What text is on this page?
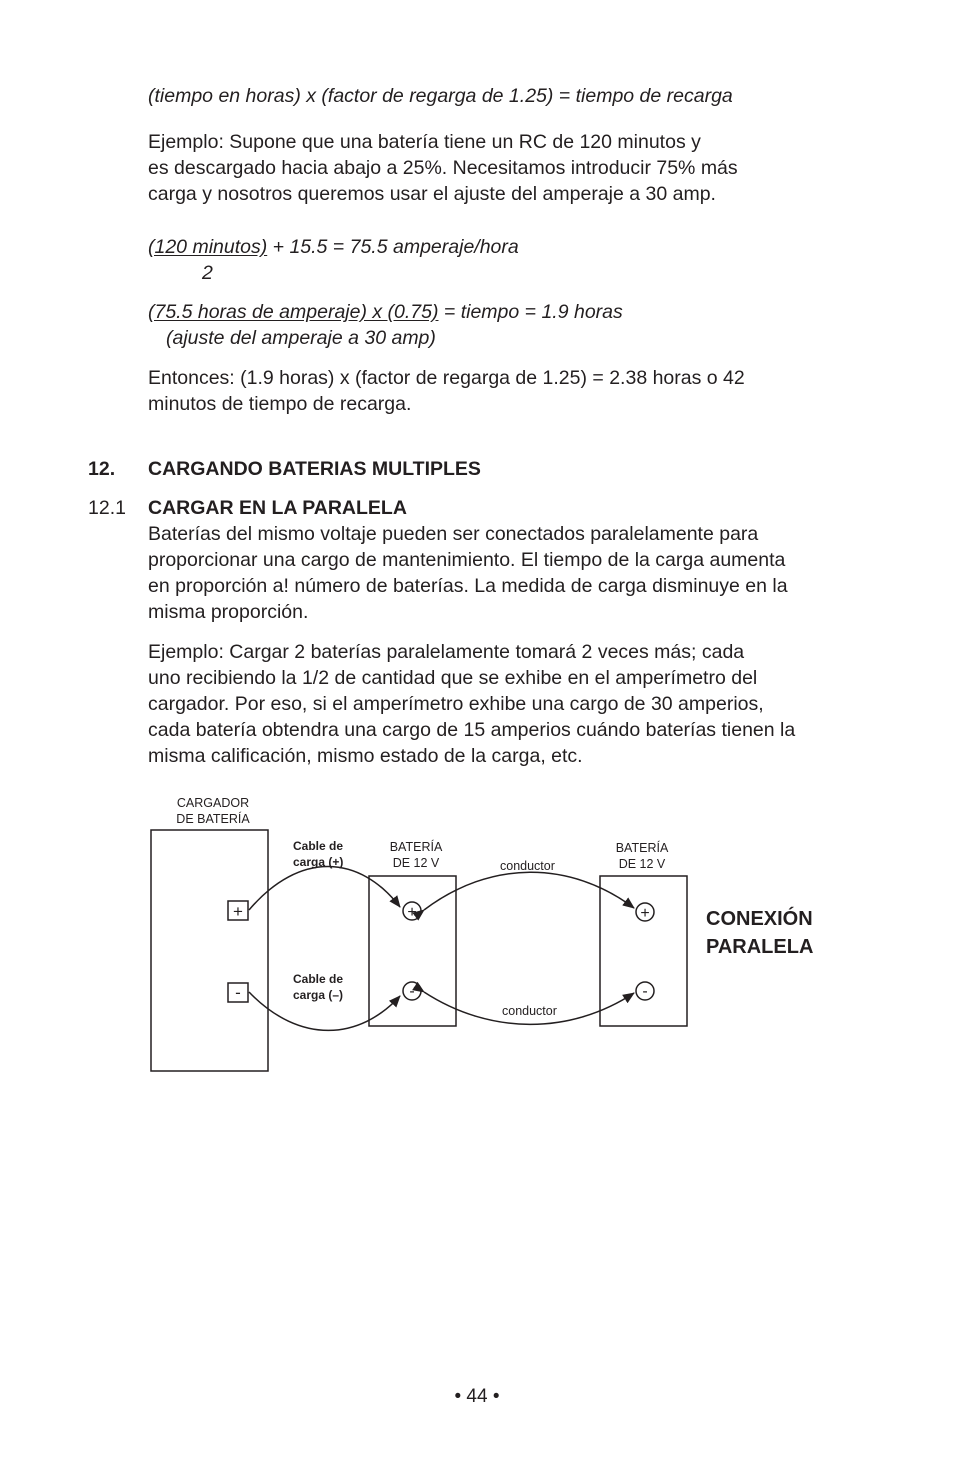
(tiempo en horas) x (factor de regarga de 1.25) = tiempo de recarga

Ejemplo: Supone que una batería tiene un RC de 120 minutos y

es descargado hacia abajo a 25%. Necesitamos introducir 75% más

carga y nosotros queremos usar el ajuste del amperaje a 30 amp.

(120 minutos) + 15.5 = 75.5 amperaje/hora

2

(75.5 horas de amperaje) x (0.75) = tiempo = 1.9 horas

(ajuste del amperaje a 30 amp)

Entonces: (1.9 horas) x (factor de regarga de 1.25) = 2.38 horas o 42

minutos de tiempo de recarga.

12. CARGANDO BATERIAS MULTIPLES

12.1 CARGAR EN LA PARALELA

Baterías del mismo voltaje pueden ser conectados paralelamente para

proporcionar una cargo de mantenimiento. El tiempo de la carga aumenta

en proporción a! número de baterías. La medida de carga disminuye en la

misma proporción.

Ejemplo: Cargar 2 baterías paralelamente tomará 2 veces más; cada

uno recibiendo la 1/2 de cantidad que se exhibe en el amperímetro del

cargador. Por eso, si el amperímetro exhibe una cargo de 30 amperios,

cada batería obtendra una cargo de 15 amperios cuándo baterías tienen la

misma calificación, mismo estado de la carga, etc.

CARGADOR
DE BATERÍA
+
-
Cable de
carga (+)
Cable de
carga (–)
BATERÍA
DE 12 V
+
-
BATERÍA
DE 12 V
+
-
conductor
conductor
CONEXIÓN
PARALELA
• 44 •
